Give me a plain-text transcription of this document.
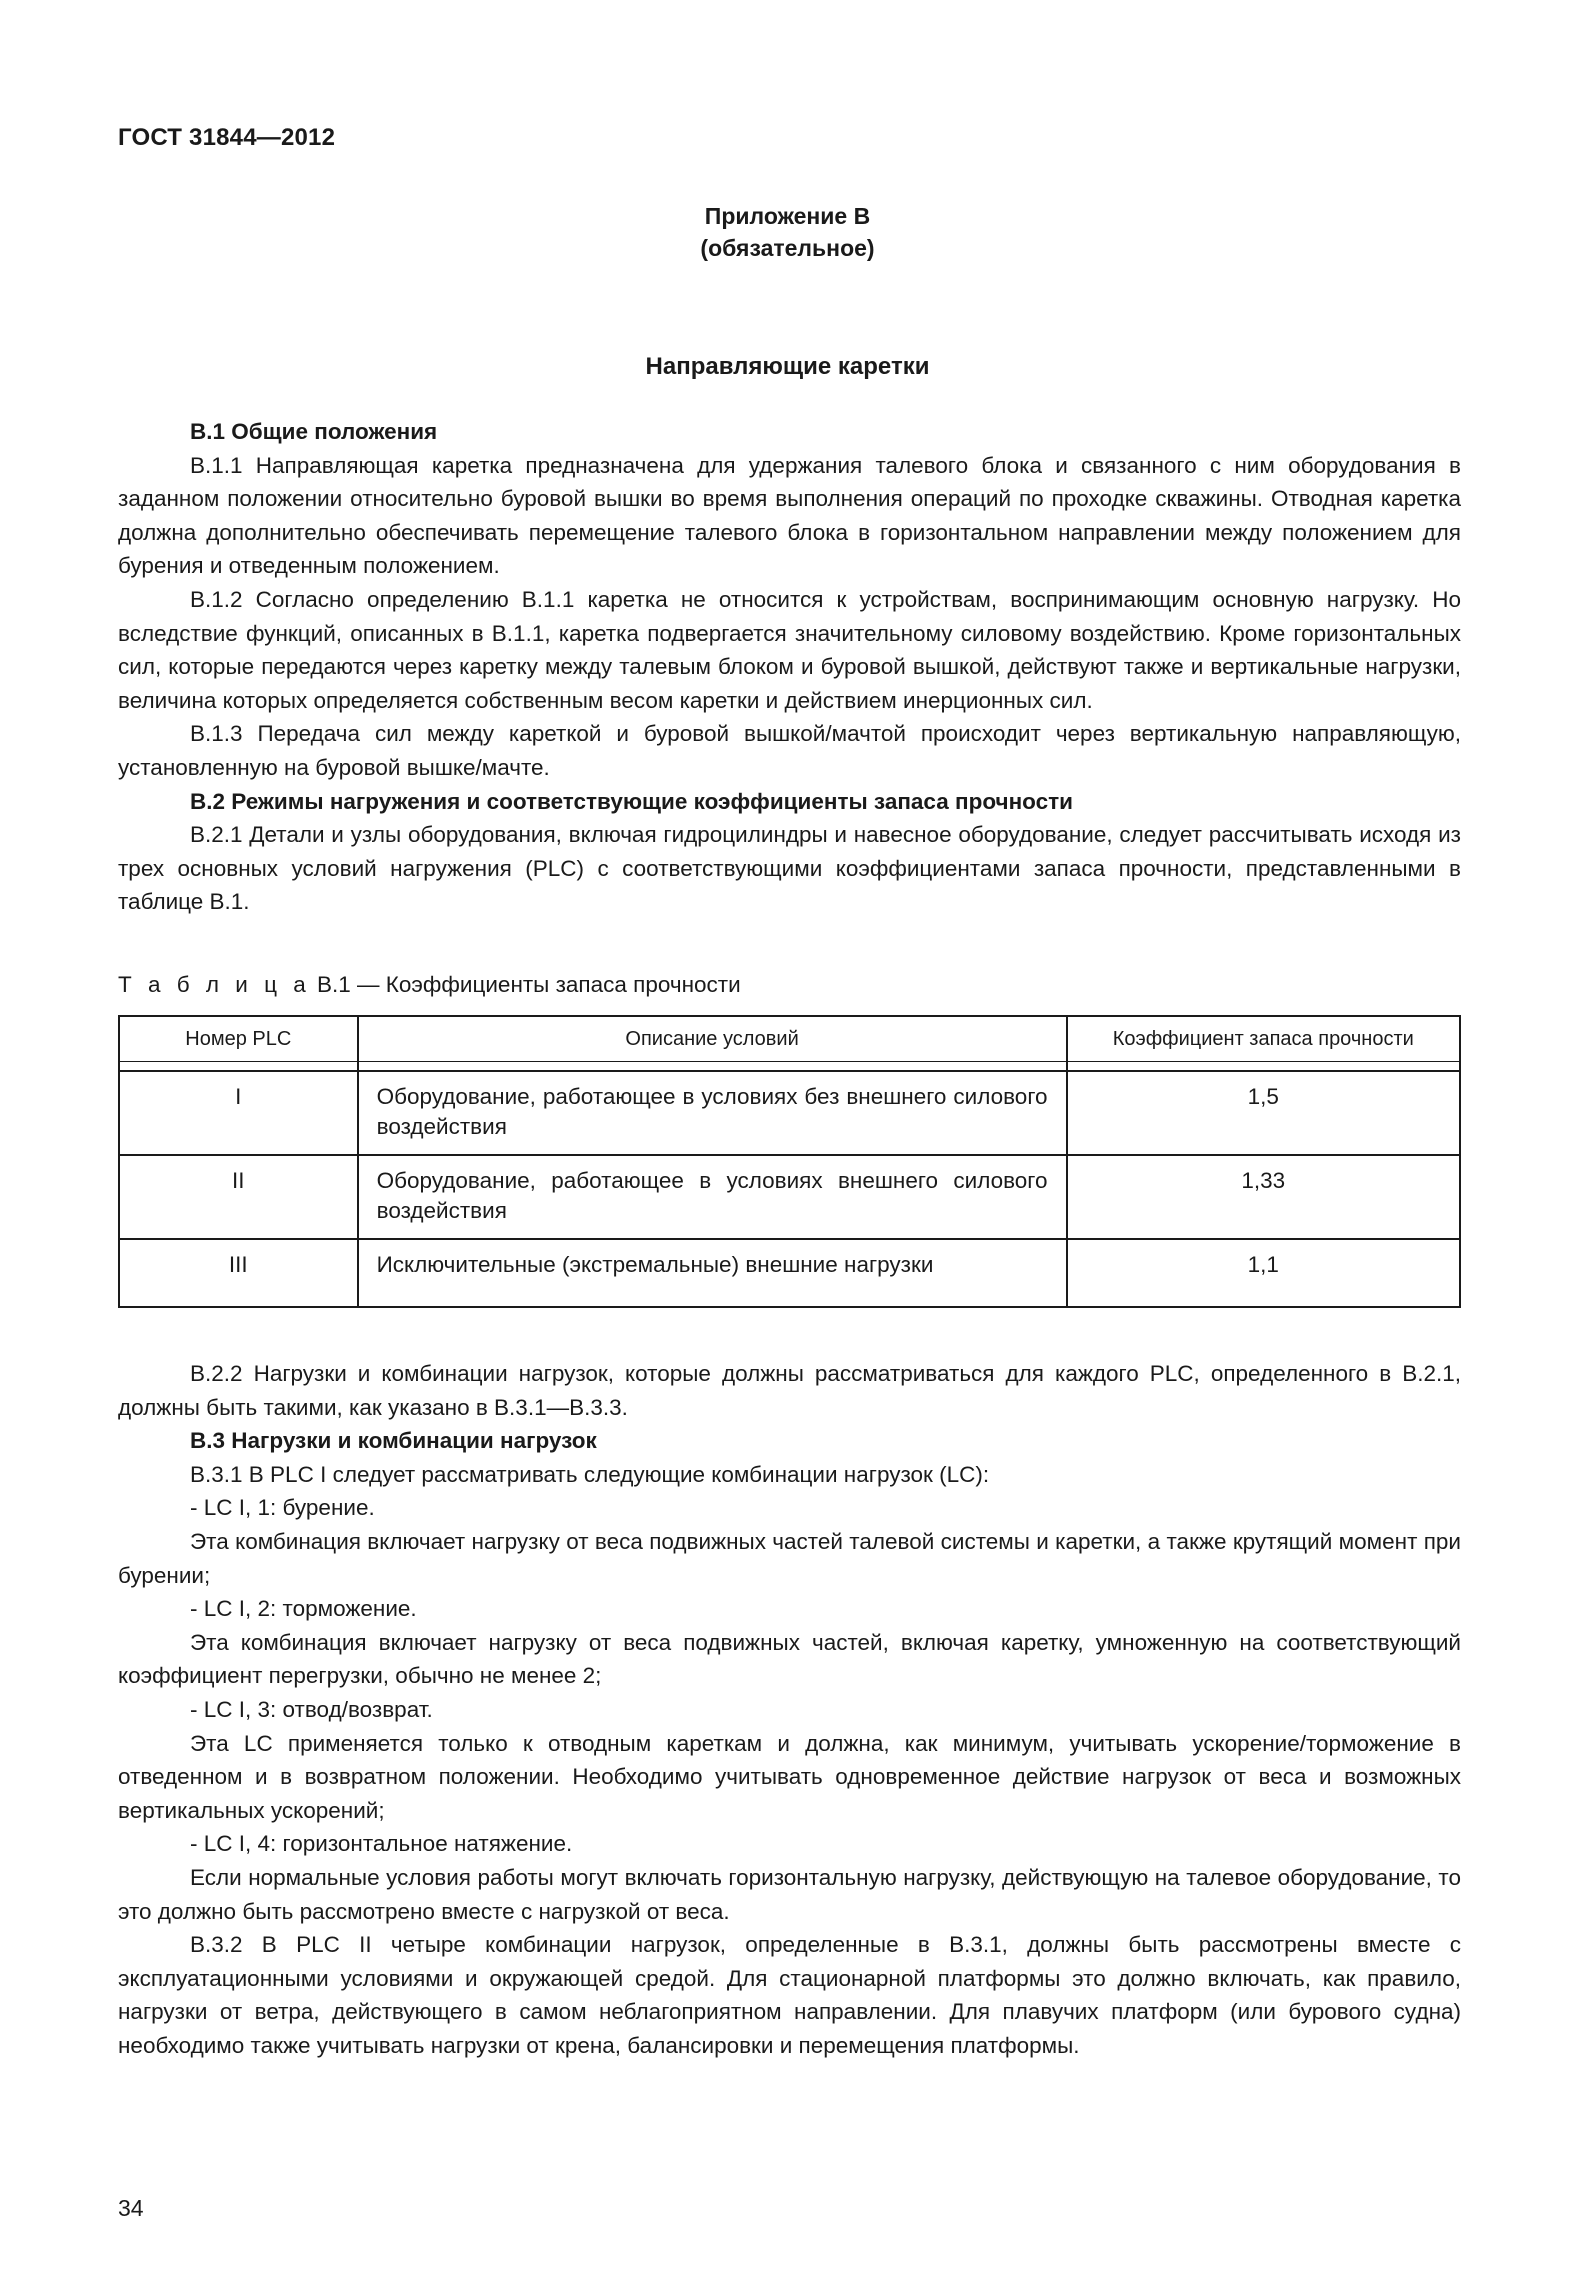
ГОСТ 31844—2012
Приложение В
(обязательное)
Направляющие каретки

В.1 Общие положения

В.1.1 Направляющая каретка предназначена для удержания талевого блока и связанного с ним оборудования в заданном положении относительно буровой вышки во время выполнения операций по проходке скважины. Отводная каретка должна дополнительно обеспечивать перемещение талевого блока в горизонтальном направлении между положением для бурения и отведенным положением.

В.1.2 Согласно определению В.1.1 каретка не относится к устройствам, воспринимающим основную нагрузку. Но вследствие функций, описанных в В.1.1, каретка подвергается значительному силовому воздействию. Кроме горизонтальных сил, которые передаются через каретку между талевым блоком и буровой вышкой, действуют также и вертикальные нагрузки, величина которых определяется собственным весом каретки и действием инерционных сил.

В.1.3 Передача сил между кареткой и буровой вышкой/мачтой происходит через вертикальную направляющую, установленную на буровой вышке/мачте.

В.2 Режимы нагружения и соответствующие коэффициенты запаса прочности

В.2.1 Детали и узлы оборудования, включая гидроцилиндры и навесное оборудование, следует рассчитывать исходя из трех основных условий нагружения (PLC) с соответствующими коэффициентами запаса прочности, представленными в таблице В.1.

Т а б л и ц а В.1 — Коэффициенты запаса прочности
Номер PLC	Описание условий	Коэффициент запаса прочности

I	Оборудование, работающее в условиях без внешнего силового воздействия	1,5
II	Оборудование, работающее в условиях внешнего силового воздействия	1,33
III	Исключительные (экстремальные) внешние нагрузки	1,1

В.2.2 Нагрузки и комбинации нагрузок, которые должны рассматриваться для каждого PLC, определенного в В.2.1, должны быть такими, как указано в В.3.1—В.3.3.

В.3 Нагрузки и комбинации нагрузок

В.3.1 В PLC I следует рассматривать следующие комбинации нагрузок (LC):

- LC I, 1: бурение.

Эта комбинация включает нагрузку от веса подвижных частей талевой системы и каретки, а также крутящий момент при бурении;

- LC I, 2: торможение.

Эта комбинация включает нагрузку от веса подвижных частей, включая каретку, умноженную на соответствующий коэффициент перегрузки, обычно не менее 2;

- LC I, 3: отвод/возврат.

Эта LC применяется только к отводным кареткам и должна, как минимум, учитывать ускорение/торможение в отведенном и в возвратном положении. Необходимо учитывать одновременное действие нагрузок от веса и возможных вертикальных ускорений;

- LC I, 4: горизонтальное натяжение.

Если нормальные условия работы могут включать горизонтальную нагрузку, действующую на талевое оборудование, то это должно быть рассмотрено вместе с нагрузкой от веса.

В.3.2 В PLC II четыре комбинации нагрузок, определенные в В.3.1, должны быть рассмотрены вместе с эксплуатационными условиями и окружающей средой. Для стационарной платформы это должно включать, как правило, нагрузки от ветра, действующего в самом неблагоприятном направлении. Для плавучих платформ (или бурового судна) необходимо также учитывать нагрузки от крена, балансировки и перемещения платформы.

34
